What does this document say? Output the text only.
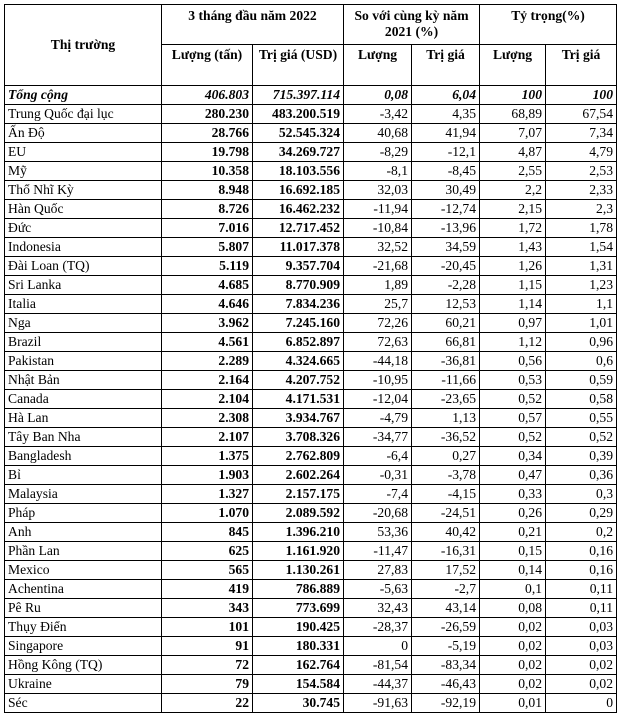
Thị trường	3 tháng đầu năm 2022		So với cùng kỳ năm 2021 (%)		Tỷ trọng(%)	
	Lượng (tấn)	Trị giá (USD)	Lượng	Trị giá	Lượng	Trị giá
Tổng cộng	406.803	715.397.114	0,08	6,04	100	100
Trung Quốc đại lục	280.230	483.200.519	-3,42	4,35	68,89	67,54
Ấn Độ	28.766	52.545.324	40,68	41,94	7,07	7,34
EU	19.798	34.269.727	-8,29	-12,1	4,87	4,79
Mỹ	10.358	18.103.556	-8,1	-8,45	2,55	2,53
Thổ Nhĩ Kỳ	8.948	16.692.185	32,03	30,49	2,2	2,33
Hàn Quốc	8.726	16.462.232	-11,94	-12,74	2,15	2,3
Đức	7.016	12.717.452	-10,84	-13,96	1,72	1,78
Indonesia	5.807	11.017.378	32,52	34,59	1,43	1,54
Đài Loan (TQ)	5.119	9.357.704	-21,68	-20,45	1,26	1,31
Sri Lanka	4.685	8.770.909	1,89	-2,28	1,15	1,23
Italia	4.646	7.834.236	25,7	12,53	1,14	1,1
Nga	3.962	7.245.160	72,26	60,21	0,97	1,01
Brazil	4.561	6.852.897	72,63	66,81	1,12	0,96
Pakistan	2.289	4.324.665	-44,18	-36,81	0,56	0,6
Nhật Bản	2.164	4.207.752	-10,95	-11,66	0,53	0,59
Canada	2.104	4.171.531	-12,04	-23,65	0,52	0,58
Hà Lan	2.308	3.934.767	-4,79	1,13	0,57	0,55
Tây Ban Nha	2.107	3.708.326	-34,77	-36,52	0,52	0,52
Bangladesh	1.375	2.762.809	-6,4	0,27	0,34	0,39
Bỉ	1.903	2.602.264	-0,31	-3,78	0,47	0,36
Malaysia	1.327	2.157.175	-7,4	-4,15	0,33	0,3
Pháp	1.070	2.089.592	-20,68	-24,51	0,26	0,29
Anh	845	1.396.210	53,36	40,42	0,21	0,2
Phần Lan	625	1.161.920	-11,47	-16,31	0,15	0,16
Mexico	565	1.130.261	27,83	17,52	0,14	0,16
Achentina	419	786.889	-5,63	-2,7	0,1	0,11
Pê Ru	343	773.699	32,43	43,14	0,08	0,11
Thụy Điển	101	190.425	-28,37	-26,59	0,02	0,03
Singapore	91	180.331	0	-5,19	0,02	0,03
Hồng Kông (TQ)	72	162.764	-81,54	-83,34	0,02	0,02
Ukraine	79	154.584	-44,37	-46,43	0,02	0,02
Séc	22	30.745	-91,63	-92,19	0,01	0
